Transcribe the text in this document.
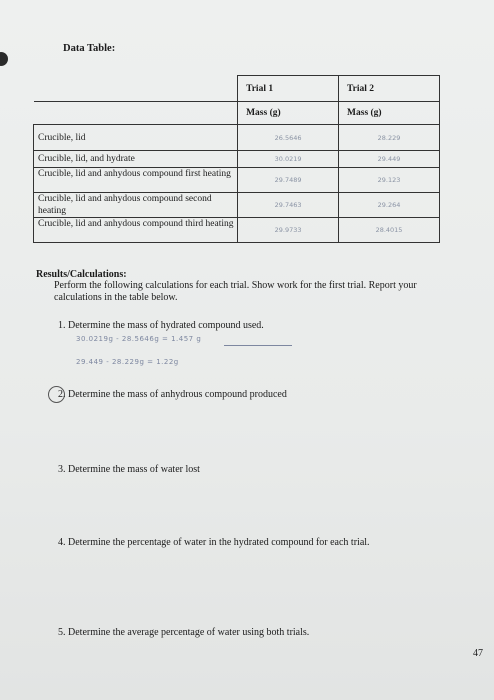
Data Table:
	Trial 1	Trial 2
	Mass (g)	Mass (g)
Crucible, lid	26.5646	28.229
Crucible, lid, and hydrate	30.0219	29.449
Crucible, lid and anhydous compound first heating	29.7489	29.123
Crucible, lid and anhydous compound second heating	29.7463	29.264
Crucible, lid and anhydous compound third heating	29.9733	28.4015
Results/Calculations:
Perform the following calculations for each trial. Show work for the first trial. Report your calculations in the table below.
1. Determine the mass of hydrated compound used.
30.0219g - 28.5646g = 1.457 g
29.449 - 28.229g = 1.22g
2. Determine the mass of anhydrous compound produced
3. Determine the mass of water lost
4. Determine the percentage of water in the hydrated compound for each trial.
5. Determine the average percentage of water using both trials.
47
